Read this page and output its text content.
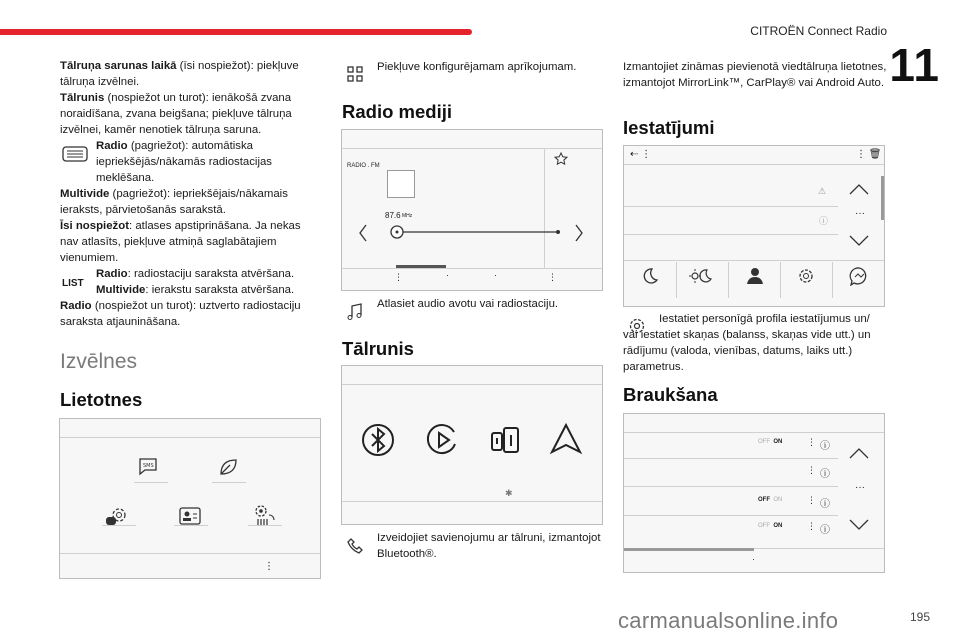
CITROËN Connect Radio
11

Tālruņa sarunas laikā (īsi nospiežot): piekļuve tālruņa izvēlnei.

Tālrunis (nospiežot un turot): ienākošā zvana noraidīšana, zvana beigšana; piekļuve tālruņa izvēlnei, kamēr nenotiek tālruņa saruna.

Radio (pagriežot): automātiska iepriekšējās/nākamās radiostacijas meklēšana.

Multivide (pagriežot): iepriekšējais/nākamais ieraksts, pārvietošanās sarakstā.

Īsi nospiežot: atlases apstiprināšana. Ja nekas nav atlasīts, piekļuve atmiņā saglabātajiem vienumiem.

Radio: radiostaciju saraksta atvēršana.

Multivide: ierakstu saraksta atvēršana.

Radio (nospiežot un turot): uztverto radiostaciju saraksta atjaunināšana.

LIST
Izvēlnes
Lietotnes
SMS
⋮
Piekļuve konfigurējamam aprīkojumam.
Radio mediji
RADIO . FM
87.6 MHz
⋮	·	·	⋮
Atlasiet audio avotu vai radiostaciju.
Tālrunis
✱
Izveidojiet savienojumu ar tālruni, izmantojot Bluetooth®.
Izmantojiet zināmas pievienotā viedtālruņa lietotnes, izmantojot MirrorLink™, CarPlay® vai Android Auto.
Iestatījumi
⇠ ⋮	⋮ 🗑
⚠
ⓘ
···
Iestatiet personīgā profila iestatījumus un/ vai iestatiet skaņas (balanss, skaņas vide utt.) un rādījumu (valoda, vienības, datums, laiks utt.) parametrus.
Braukšana
OFF ON	⋮ ⓘ
⋮ ⓘ
OFF ON	⋮ ⓘ
OFF ON	⋮ ⓘ
···
·
carmanualsonline.info	195
